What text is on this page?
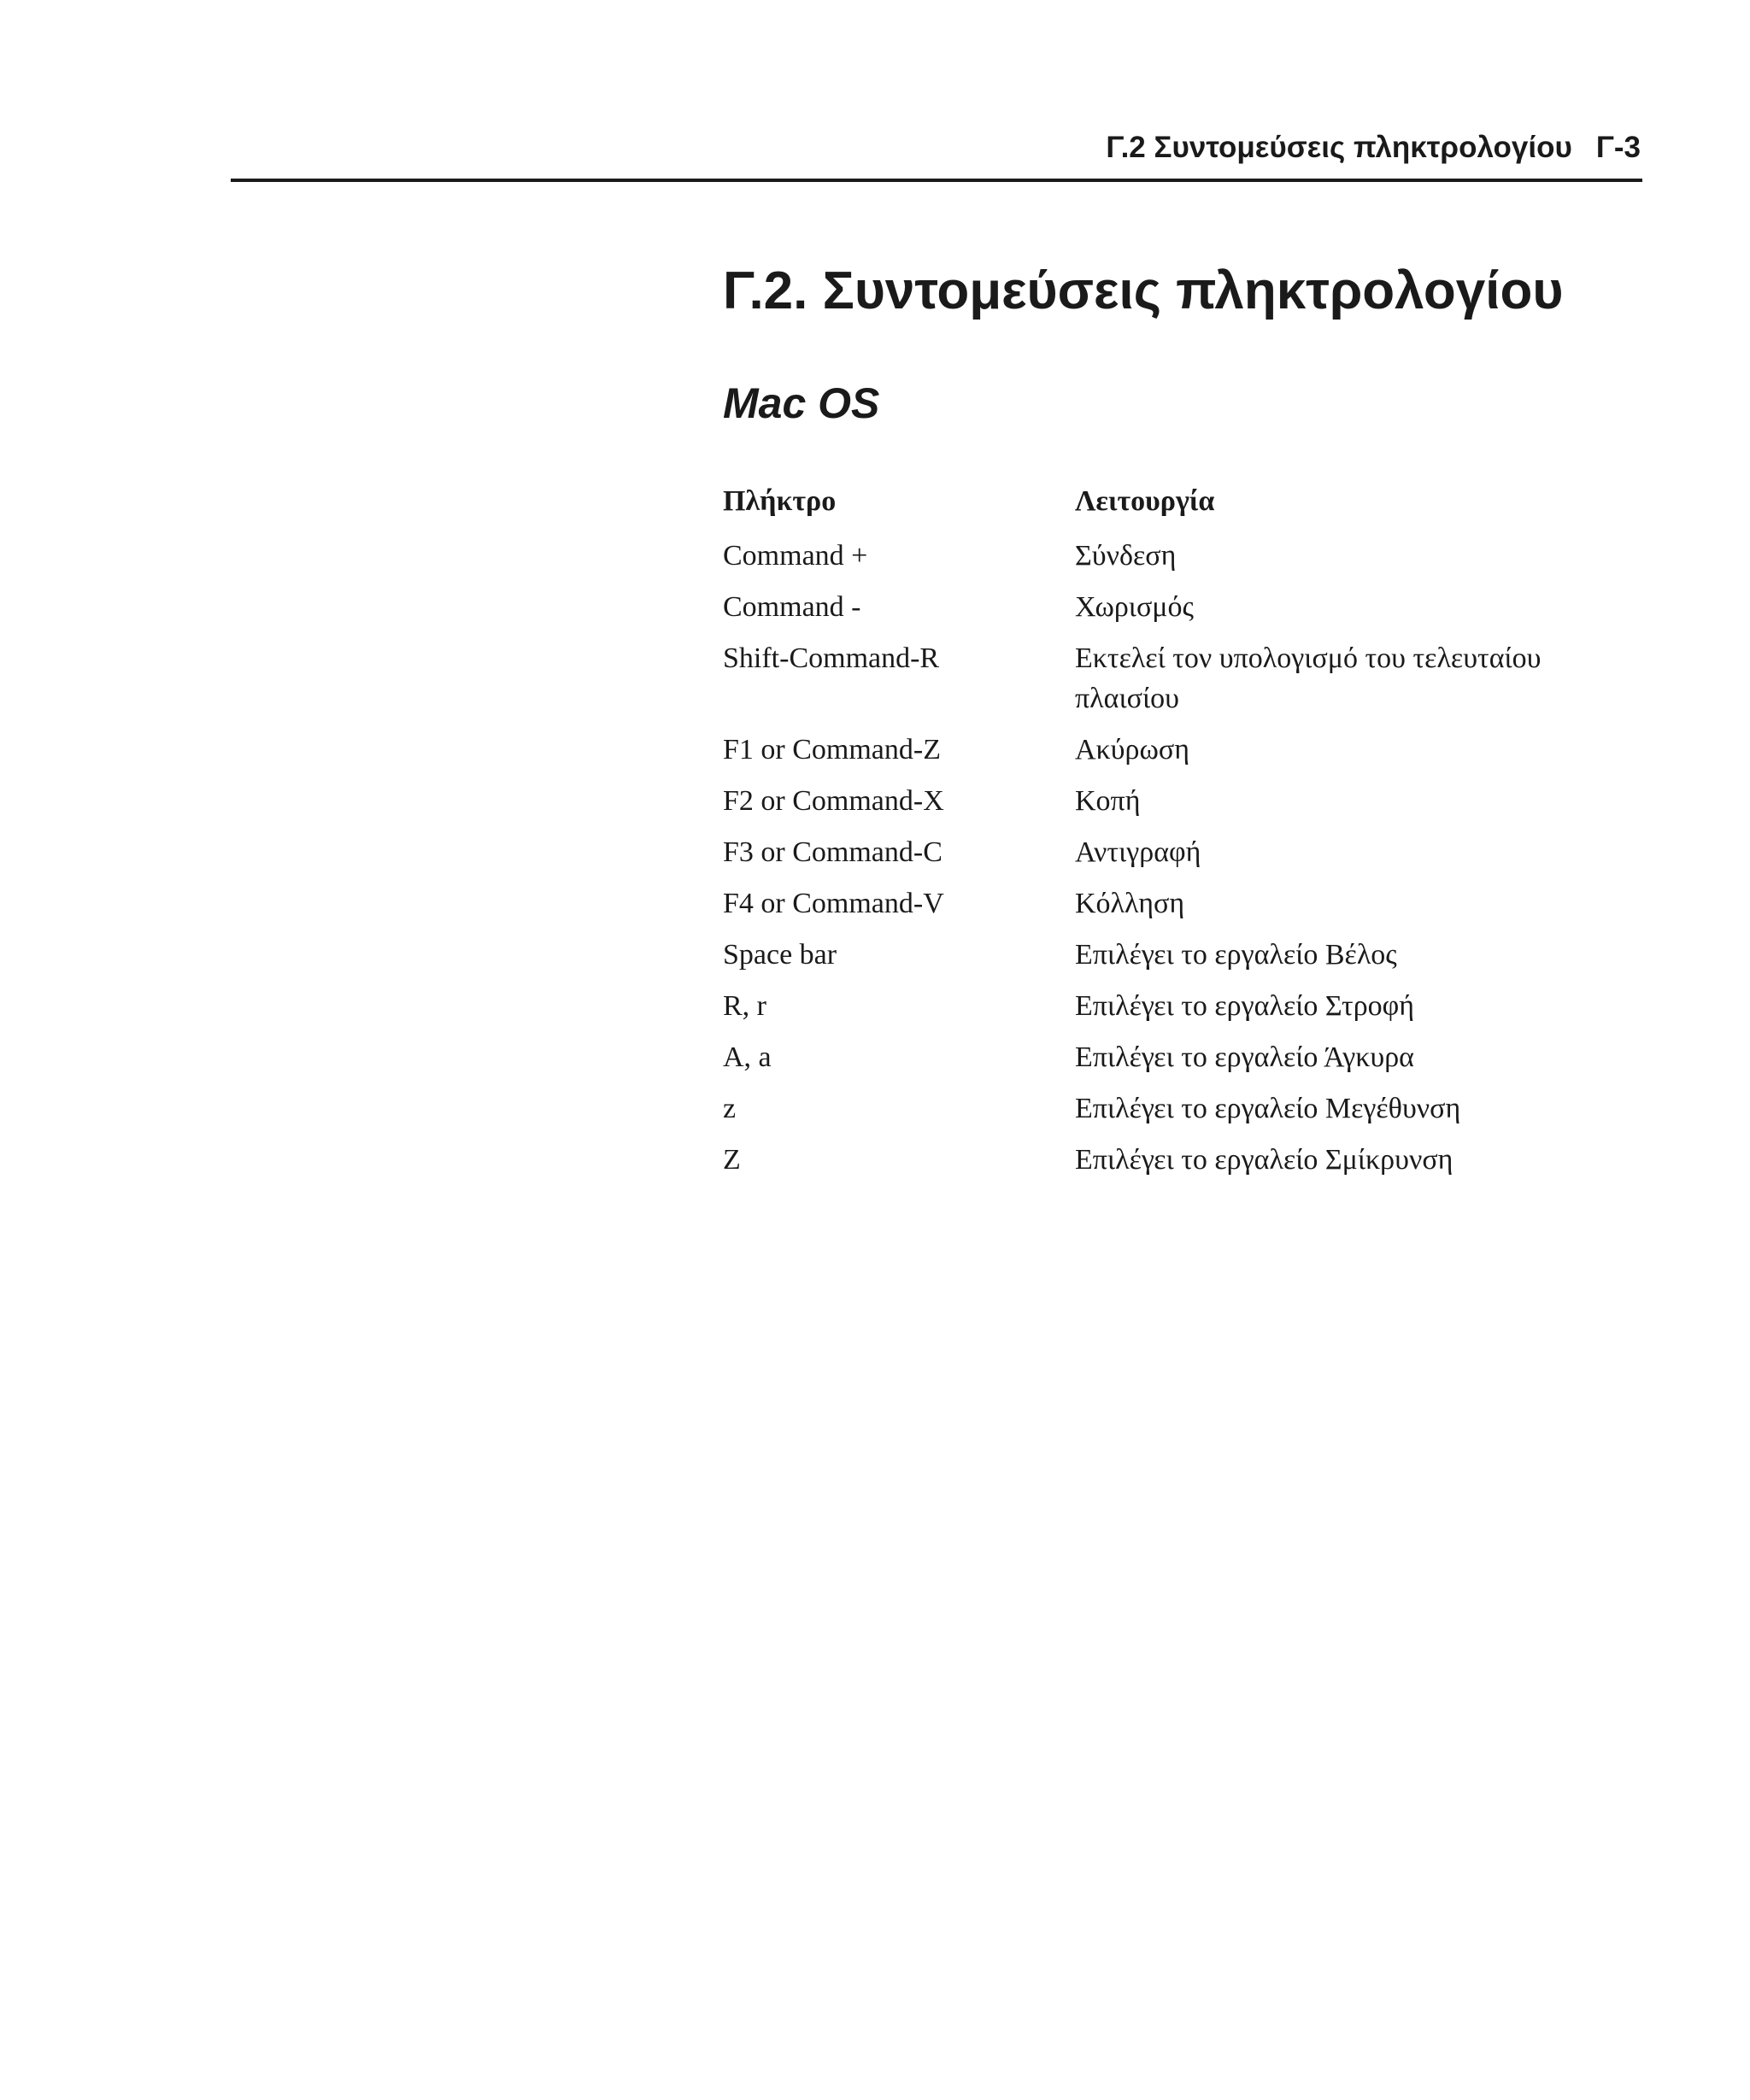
Γ.2 Συντομεύσεις πληκτρολογίου Γ-3
Γ.2. Συντομεύσεις πληκτρολογίου
Mac OS
Πλήκτρο	Λειτουργία
Command +	Σύνδεση
Command -	Χωρισμός
Shift-Command-R	Εκτελεί τον υπολογισμό του τελευταίου πλαισίου
F1 or Command-Z	Ακύρωση
F2 or Command-X	Κοπή
F3 or Command-C	Αντιγραφή
F4 or Command-V	Κόλληση
Space bar	Επιλέγει το εργαλείο Βέλος
R, r	Επιλέγει το εργαλείο Στροφή
A, a	Επιλέγει το εργαλείο Άγκυρα
z	Επιλέγει το εργαλείο Μεγέθυνση
Z	Επιλέγει το εργαλείο Σμίκρυνση
